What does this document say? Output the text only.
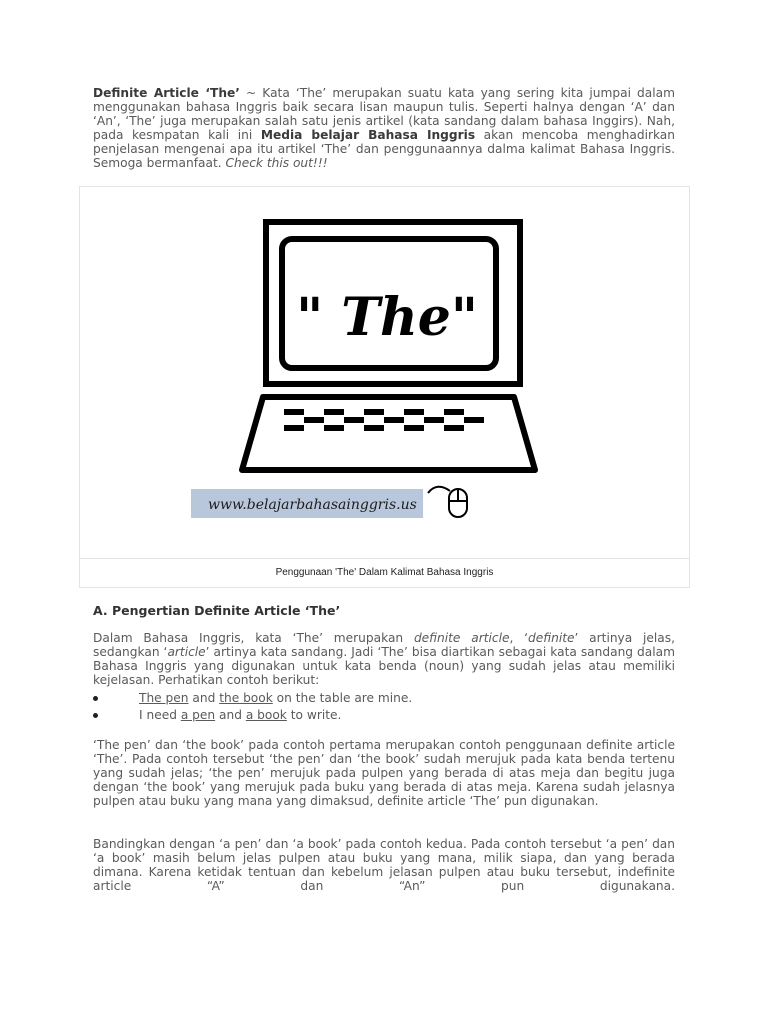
Definite Article ‘The’ ~ Kata ‘The’ merupakan suatu kata yang sering kita jumpai dalam menggunakan bahasa Inggris baik secara lisan maupun tulis. Seperti halnya dengan ‘A’ dan ‘An’, ‘The’ juga merupakan salah satu jenis artikel (kata sandang dalam bahasa Inggirs). Nah, pada kesmpatan kali ini Media belajar Bahasa Inggris akan mencoba menghadirkan penjelasan mengenai apa itu artikel ‘The’ dan penggunaannya dalma kalimat Bahasa Inggris. Semoga bermanfaat. Check this out!!!

" The"
www.belajarbahasainggris.us
Penggunaan 'The' Dalam Kalimat Bahasa Inggris
A. Pengertian Definite Article ‘The’

Dalam Bahasa Inggris, kata ‘The’ merupakan definite article, ‘definite’ artinya jelas, sedangkan ‘article’ artinya kata sandang. Jadi ‘The’ bisa diartikan sebagai kata sandang dalam Bahasa Inggris yang digunakan untuk kata benda (noun) yang sudah jelas atau memiliki kejelasan. Perhatikan contoh berikut:

The pen and the book on the table are mine.
I need a pen and a book to write.

‘The pen’ dan ‘the book’ pada contoh pertama merupakan contoh penggunaan definite article ‘The’. Pada contoh tersebut ‘the pen’ dan ‘the book’ sudah merujuk pada kata benda tertenu yang sudah jelas; ‘the pen’ merujuk pada pulpen yang berada di atas meja dan begitu juga dengan ‘the book’ yang merujuk pada buku yang berada di atas meja. Karena sudah jelasnya pulpen atau buku yang mana yang dimaksud, definite article ‘The’ pun digunakan.

Bandingkan dengan ‘a pen’ dan ‘a book’ pada contoh kedua. Pada contoh tersebut ‘a pen’ dan ‘a book’ masih belum jelas pulpen atau buku yang mana, milik siapa, dan yang berada dimana. Karena ketidak tentuan dan kebelum jelasan pulpen atau buku tersebut, indefinite article “A” dan “An” pun digunakana.
